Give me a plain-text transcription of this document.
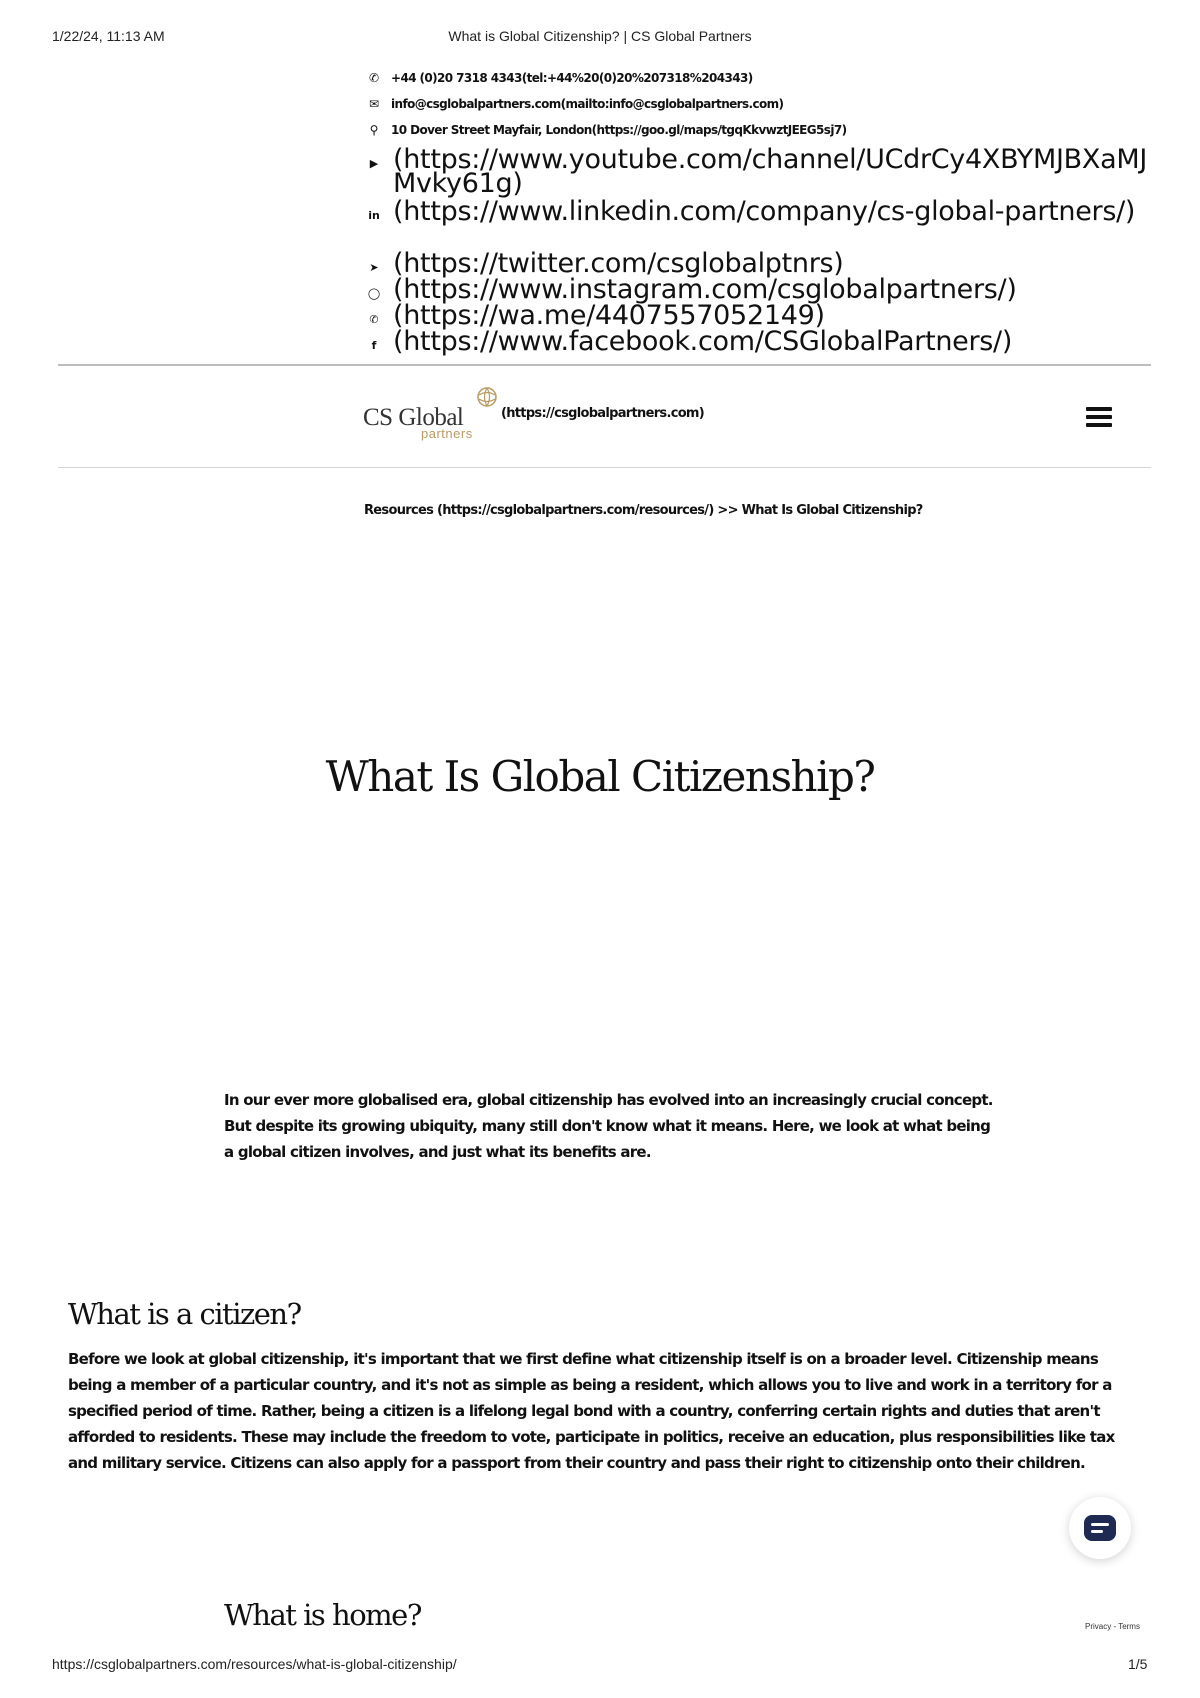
1/22/24, 11:13 AM	What is Global Citizenship? | CS Global Partners
✆ +44 (0)20 7318 4343(tel:+44%20(0)20%207318%204343)
✉ info@csglobalpartners.com(mailto:info@csglobalpartners.com)
⚲ 10 Dover Street Mayfair, London(https://goo.gl/maps/tgqKkvwztJEEG5sj7)
▶ (https://www.youtube.com/channel/UCdrCy4XBYMJBXaMJMvky61g)
in (https://www.linkedin.com/company/cs-global-partners/)
➤ (https://twitter.com/csglobalptnrs)
◯ (https://www.instagram.com/csglobalpartners/)
✆ (https://wa.me/4407557052149)
f (https://www.facebook.com/CSGlobalPartners/)
CS Global
partners
(https://csglobalpartners.com)
Resources (https://csglobalpartners.com/resources/) >> What Is Global Citizenship?
What Is Global Citizenship?
In our ever more globalised era, global citizenship has evolved into an increasingly crucial concept. But despite its growing ubiquity, many still don't know what it means. Here, we look at what being a global citizen involves, and just what its benefits are.
What is a citizen?
Before we look at global citizenship, it's important that we first define what citizenship itself is on a broader level. Citizenship means being a member of a particular country, and it's not as simple as being a resident, which allows you to live and work in a territory for a specified period of time. Rather, being a citizen is a lifelong legal bond with a country, conferring certain rights and duties that aren't afforded to residents. These may include the freedom to vote, participate in politics, receive an education, plus responsibilities like tax and military service. Citizens can also apply for a passport from their country and pass their right to citizenship onto their children.
What is home?	Privacy - Terms
https://csglobalpartners.com/resources/what-is-global-citizenship/	1/5
